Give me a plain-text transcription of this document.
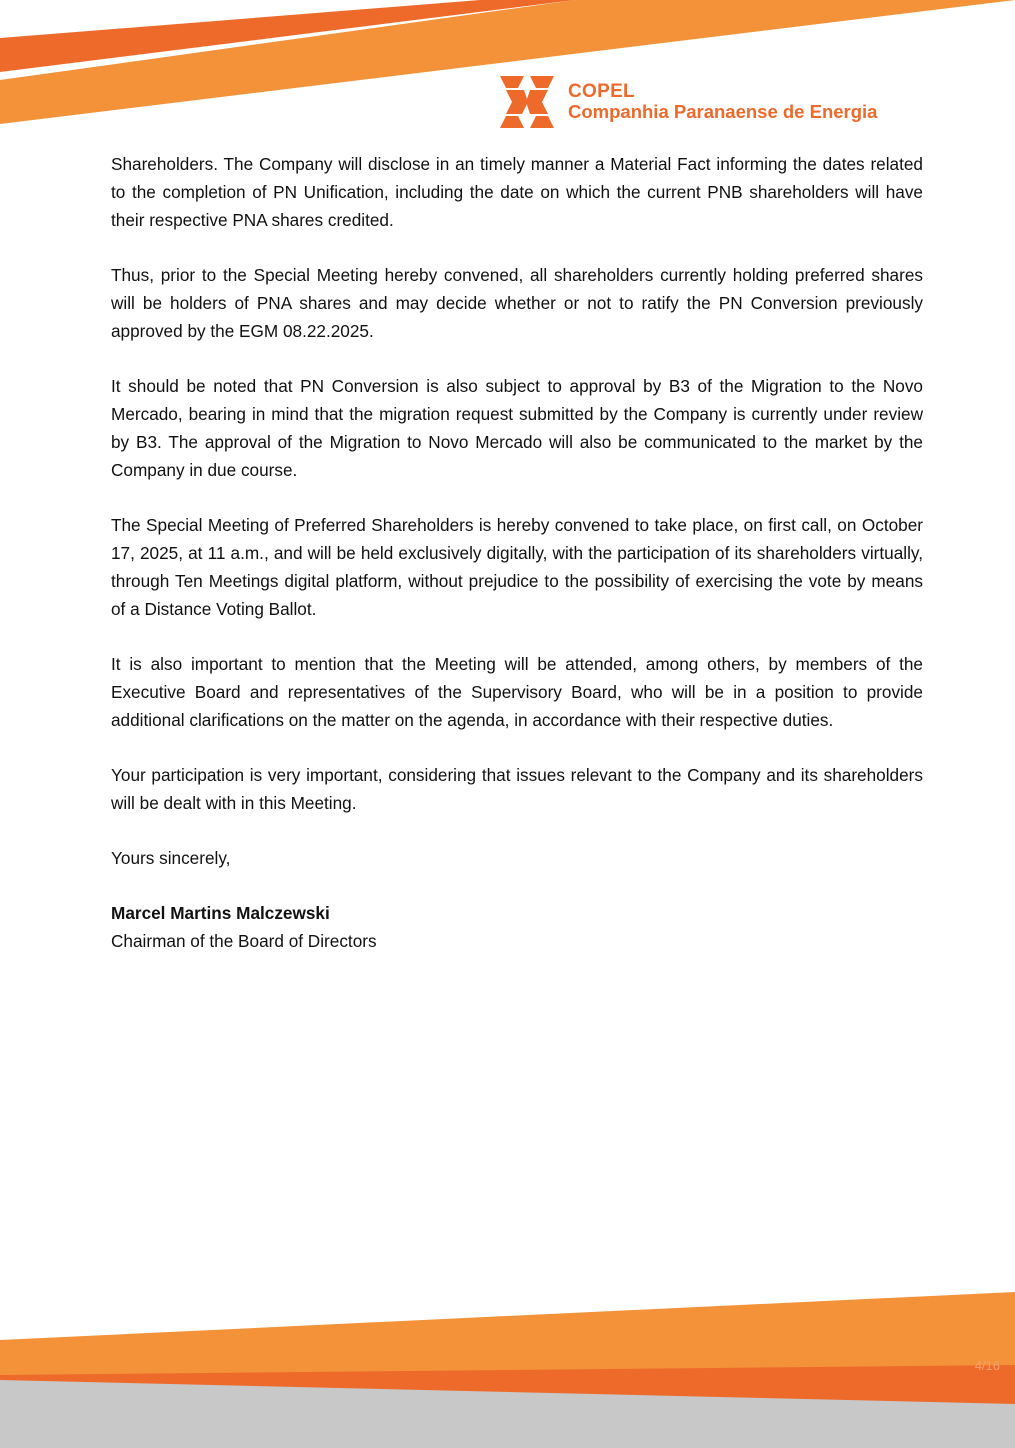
COPEL
Companhia Paranaense de Energia

Shareholders. The Company will disclose in an timely manner a Material Fact informing the dates related to the completion of PN Unification, including the date on which the current PNB shareholders will have their respective PNA shares credited.

Thus, prior to the Special Meeting hereby convened, all shareholders currently holding preferred shares will be holders of PNA shares and may decide whether or not to ratify the PN Conversion previously approved by the EGM 08.22.2025.

It should be noted that PN Conversion is also subject to approval by B3 of the Migration to the Novo Mercado, bearing in mind that the migration request submitted by the Company is currently under review by B3. The approval of the Migration to Novo Mercado will also be communicated to the market by the Company in due course.

The Special Meeting of Preferred Shareholders is hereby convened to take place, on first call, on October 17, 2025, at 11 a.m., and will be held exclusively digitally, with the participation of its shareholders virtually, through Ten Meetings digital platform, without prejudice to the possibility of exercising the vote by means of a Distance Voting Ballot.

It is also important to mention that the Meeting will be attended, among others, by members of the Executive Board and representatives of the Supervisory Board, who will be in a position to provide additional clarifications on the matter on the agenda, in accordance with their respective duties.

Your participation is very important, considering that issues relevant to the Company and its shareholders will be dealt with in this Meeting.

Yours sincerely,

Marcel Martins Malczewski

Chairman of the Board of Directors

4/16
